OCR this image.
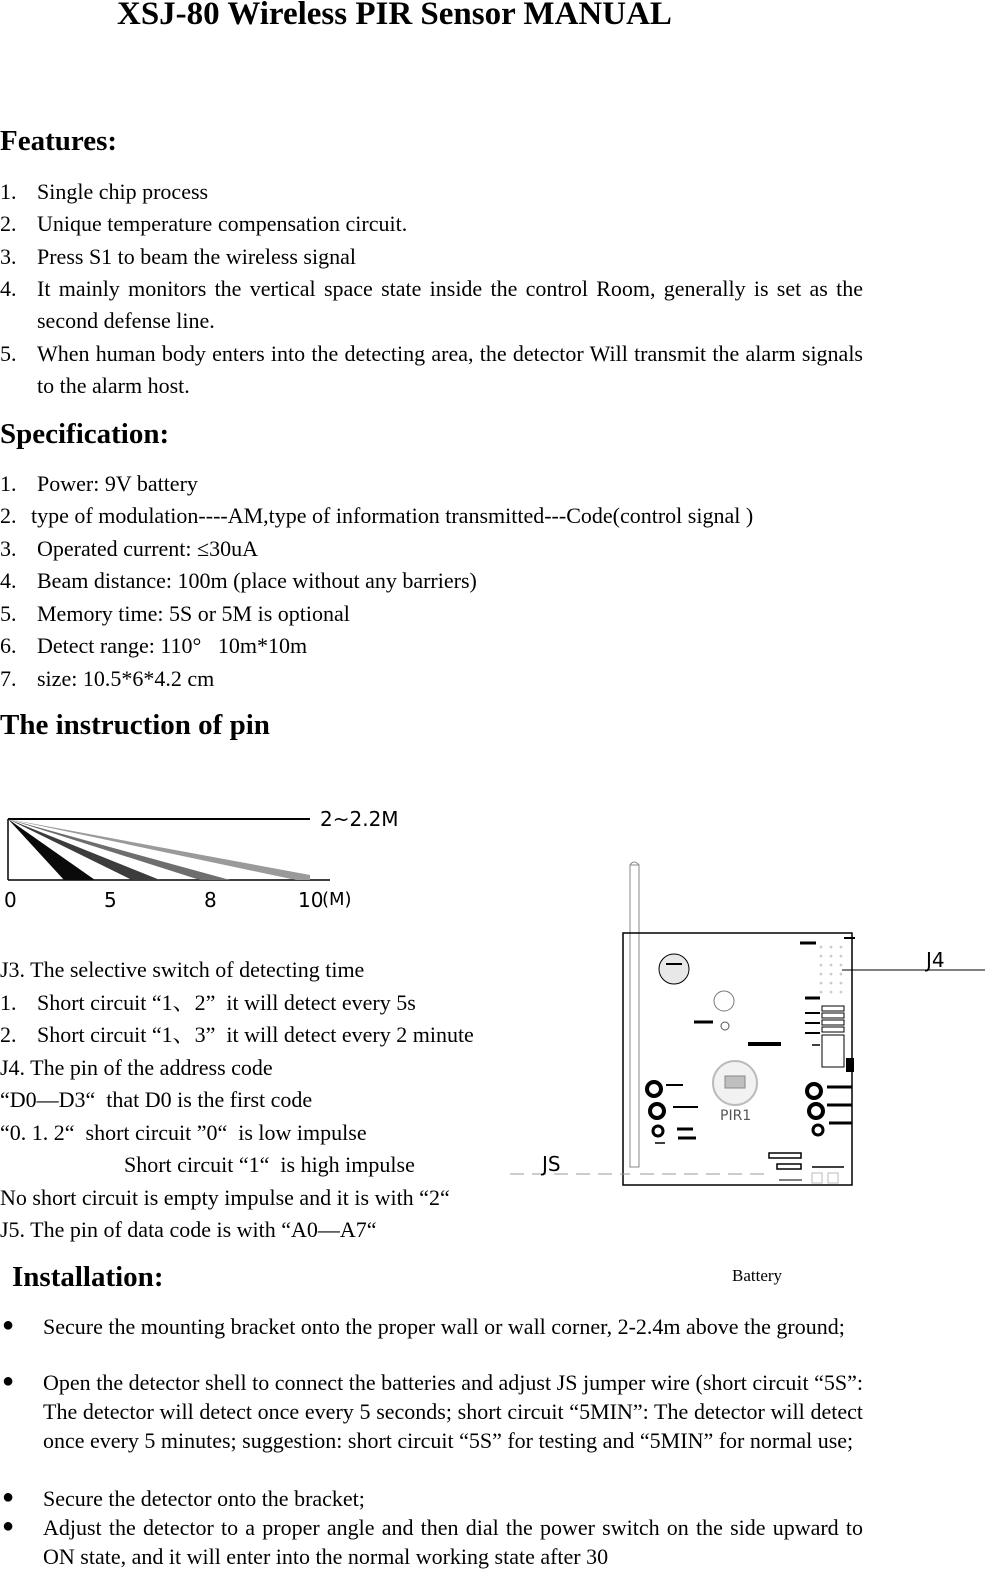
XSJ-80 Wireless PIR Sensor MANUAL
Features:
1. Single chip process
2. Unique temperature compensation circuit.
3. Press S1 to beam the wireless signal
4. It mainly monitors the vertical space state inside the control Room, generally is set as the second defense line.
5. When human body enters into the detecting area, the detector Will transmit the alarm signals to the alarm host.
Specification:
1. Power: 9V battery
2. type of modulation----AM,type of information transmitted---Code(control signal )
3. Operated current: ≤30uA
4. Beam distance: 100m (place without any barriers)
5. Memory time: 5S or 5M is optional
6. Detect range: 110°   10m*10m
7. size: 10.5*6*4.2 cm
The instruction of pin
2~2.2M
0	5	8	10
(M)
J3. The selective switch of detecting time
1. Short circuit “1、2”  it will detect every 5s
2. Short circuit “1、3”  it will detect every 2 minute
J4. The pin of the address code
“D0—D3“  that D0 is the first code
“0. 1. 2“  short circuit ”0“  is low impulse
Short circuit “1“  is high impulse
No short circuit is empty impulse and it is with “2“
J5. The pin of data code is with “A0—A7“
PIR1
J4
JS
Battery
Installation:
● Secure the mounting bracket onto the proper wall or wall corner, 2-2.4m above the ground;
● Open the detector shell to connect the batteries and adjust JS jumper wire (short circuit “5S”: The detector will detect once every 5 seconds; short circuit “5MIN”: The detector will detect once every 5 minutes; suggestion: short circuit “5S” for testing and “5MIN” for normal use;
● Secure the detector onto the bracket;
● Adjust the detector to a proper angle and then dial the power switch on the side upward to ON state, and it will enter into the normal working state after 30
